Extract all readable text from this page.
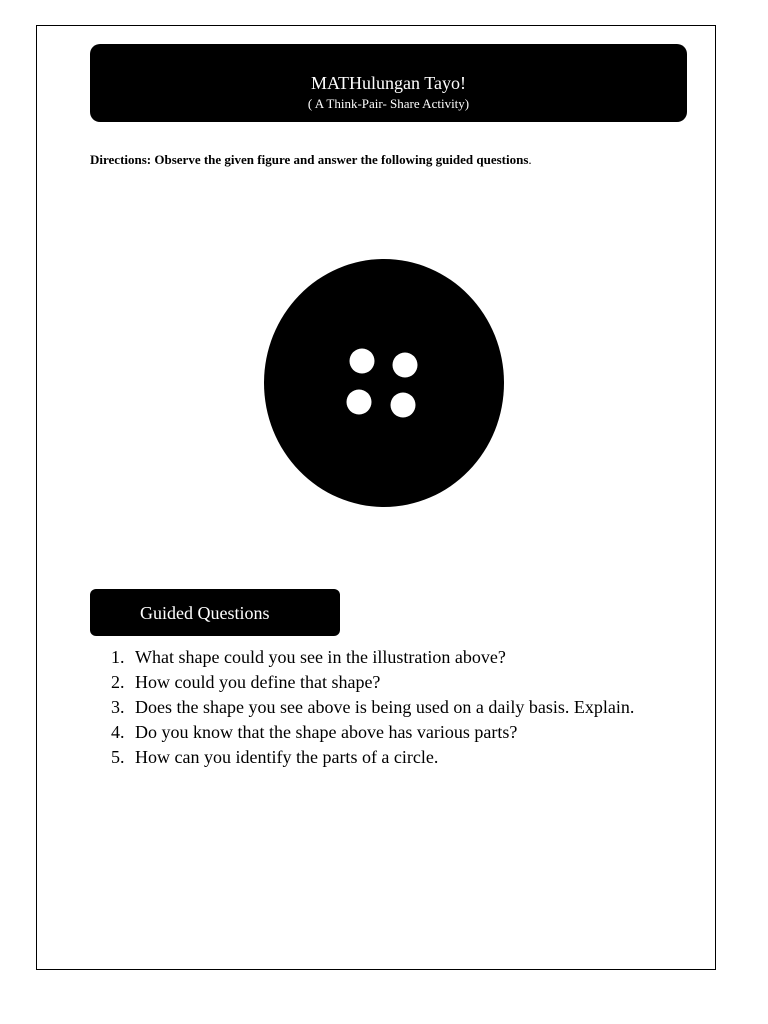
MATHulungan Tayo!
( A Think-Pair- Share Activity)
Directions: Observe the given figure and answer the following guided questions.
Guided Questions
1. What shape could you see in the illustration above?
2. How could you define that shape?
3. Does the shape you see above is being used on a daily basis. Explain.
4. Do you know that the shape above has various parts?
5. How can you identify the parts of a circle.
